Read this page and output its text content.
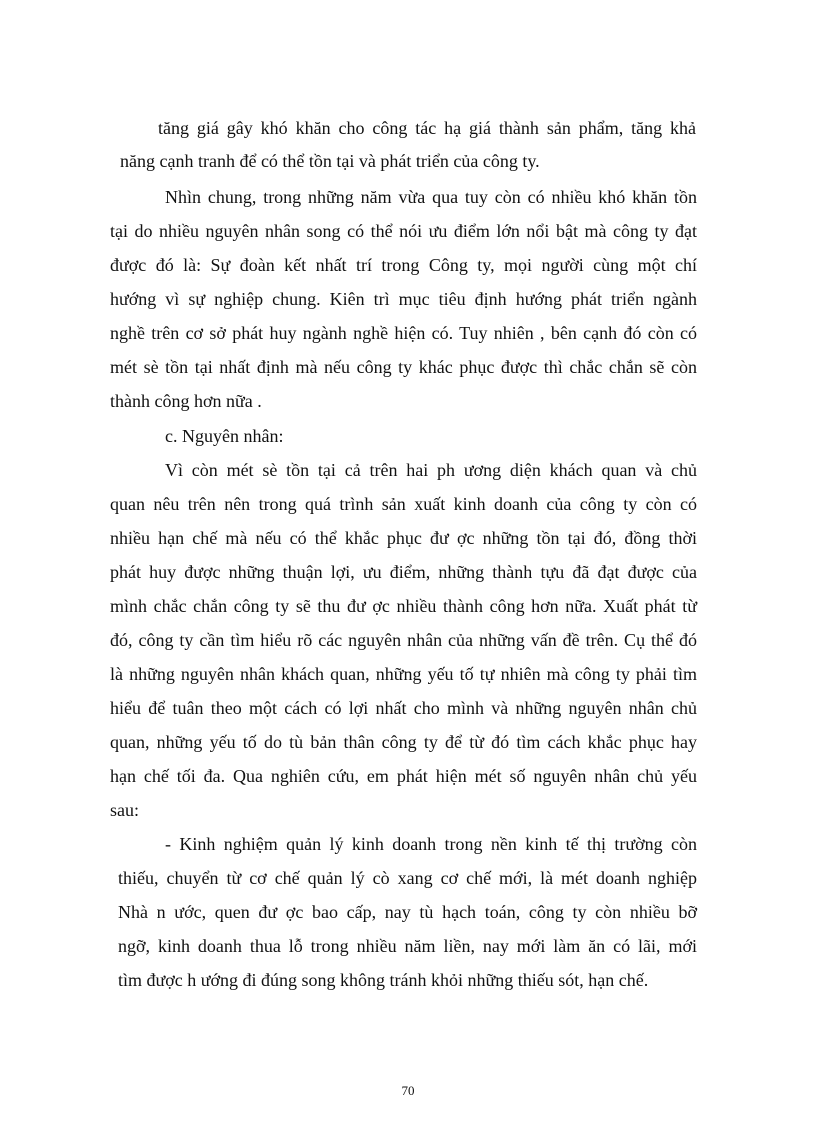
tăng giá gây khó khăn cho công tác hạ giá thành sản phẩm, tăng khả
năng cạnh tranh để có thể tồn tại và phát triển của công ty.
Nhìn chung, trong những năm vừa qua tuy còn có nhiều khó khăn tồn
tại do nhiều nguyên nhân song có thể nói ưu điểm lớn nổi bật mà công ty đạt
được đó là: Sự đoàn kết nhất trí trong Công ty, mọi người cùng một chí
hướng vì sự nghiệp chung. Kiên trì mục tiêu định hướng phát triển ngành
nghề trên cơ sở phát huy ngành nghề hiện có. Tuy nhiên , bên cạnh đó còn có
mét sè tồn tại nhất định mà nếu công ty khác phục được thì chắc chắn sẽ còn
thành công hơn nữa .
c. Nguyên nhân:
Vì còn mét sè tồn tại cả trên hai ph ương diện khách quan và chủ
quan nêu trên nên trong quá trình sản xuất kinh doanh của công ty còn có
nhiều hạn chế mà nếu có thể khắc phục đư ợc những tồn tại đó, đồng thời
phát huy được những thuận lợi, ưu điểm, những thành tựu đã đạt được của
mình chắc chắn công ty sẽ thu đư ợc nhiều thành công hơn nữa. Xuất phát từ
đó, công ty cần tìm hiểu rõ các nguyên nhân của những vấn đề trên. Cụ thể đó
là những nguyên nhân khách quan, những yếu tố tự nhiên mà công ty phải tìm
hiểu để tuân theo một cách có lợi nhất cho mình và những nguyên nhân chủ
quan, những yếu tố do tù bản thân công ty để từ đó tìm cách khắc phục hay
hạn chế tối đa. Qua nghiên cứu, em phát hiện mét số nguyên nhân chủ yếu
sau:
- Kinh nghiệm quản lý kinh doanh trong nền kinh tế thị trường còn
thiếu, chuyển từ cơ chế quản lý cò xang cơ chế mới, là mét doanh nghiệp
Nhà n ước, quen đư ợc bao cấp, nay tù hạch toán, công ty còn nhiều bỡ
ngỡ, kinh doanh thua lỗ trong nhiều năm liền, nay mới làm ăn có lãi, mới
tìm được h ướng đi đúng song không tránh khỏi những thiếu sót, hạn chế.
70
